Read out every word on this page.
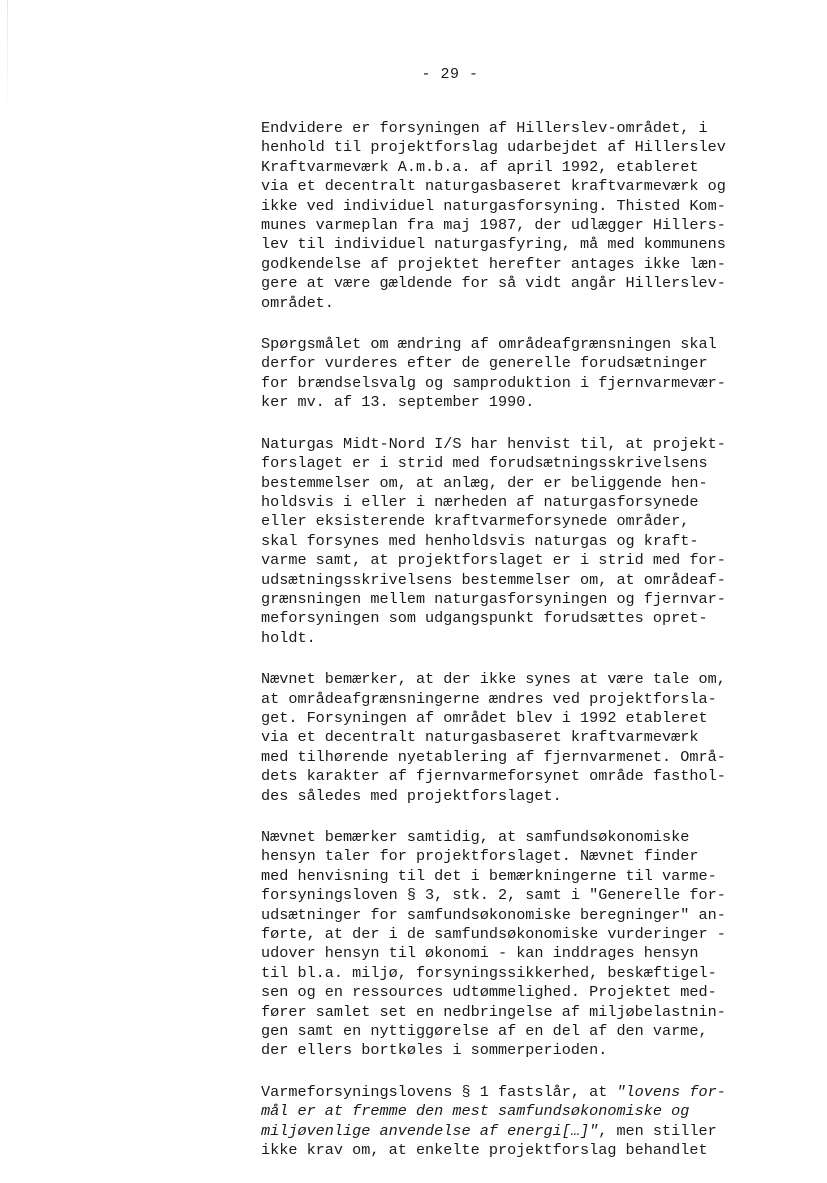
- 29 -

Endvidere er forsyningen af Hillerslev-området, i
henhold til projektforslag udarbejdet af Hillerslev
Kraftvarmeværk A.m.b.a. af april 1992, etableret
via et decentralt naturgasbaseret kraftvarmeværk og
ikke ved individuel naturgasforsyning. Thisted Kom-
munes varmeplan fra maj 1987, der udlægger Hillers-
lev til individuel naturgasfyring, må med kommunens
godkendelse af projektet herefter antages ikke læn-
gere at være gældende for så vidt angår Hillerslev-
området.

Spørgsmålet om ændring af områdeafgrænsningen skal
derfor vurderes efter de generelle forudsætninger
for brændselsvalg og samproduktion i fjernvarmevær-
ker mv. af 13. september 1990.

Naturgas Midt-Nord I/S har henvist til, at projekt-
forslaget er i strid med forudsætningsskrivelsens
bestemmelser om, at anlæg, der er beliggende hen-
holdsvis i eller i nærheden af naturgasforsynede
eller eksisterende kraftvarmeforsynede områder,
skal forsynes med henholdsvis naturgas og kraft-
varme samt, at projektforslaget er i strid med for-
udsætningsskrivelsens bestemmelser om, at områdeaf-
grænsningen mellem naturgasforsyningen og fjernvar-
meforsyningen som udgangspunkt forudsættes opret-
holdt.

Nævnet bemærker, at der ikke synes at være tale om,
at områdeafgrænsningerne ændres ved projektforsla-
get. Forsyningen af området blev i 1992 etableret
via et decentralt naturgasbaseret kraftvarmeværk
med tilhørende nyetablering af fjernvarmenet. Områ-
dets karakter af fjernvarmeforsynet område fasthol-
des således med projektforslaget.

Nævnet bemærker samtidig, at samfundsøkonomiske
hensyn taler for projektforslaget. Nævnet finder
med henvisning til det i bemærkningerne til varme-
forsyningsloven § 3, stk. 2, samt i "Generelle for-
udsætninger for samfundsøkonomiske beregninger" an-
førte, at der i de samfundsøkonomiske vurderinger -
udover hensyn til økonomi - kan inddrages hensyn
til bl.a. miljø, forsyningssikkerhed, beskæftigel-
sen og en ressources udtømmelighed. Projektet med-
fører samlet set en nedbringelse af miljøbelastnin-
gen samt en nyttiggørelse af en del af den varme,
der ellers bortkøles i sommerperioden.

Varmeforsyningslovens § 1 fastslår, at "lovens for-
mål er at fremme den mest samfundsøkonomiske og
miljøvenlige anvendelse af energi[…]", men stiller
ikke krav om, at enkelte projektforslag behandlet
